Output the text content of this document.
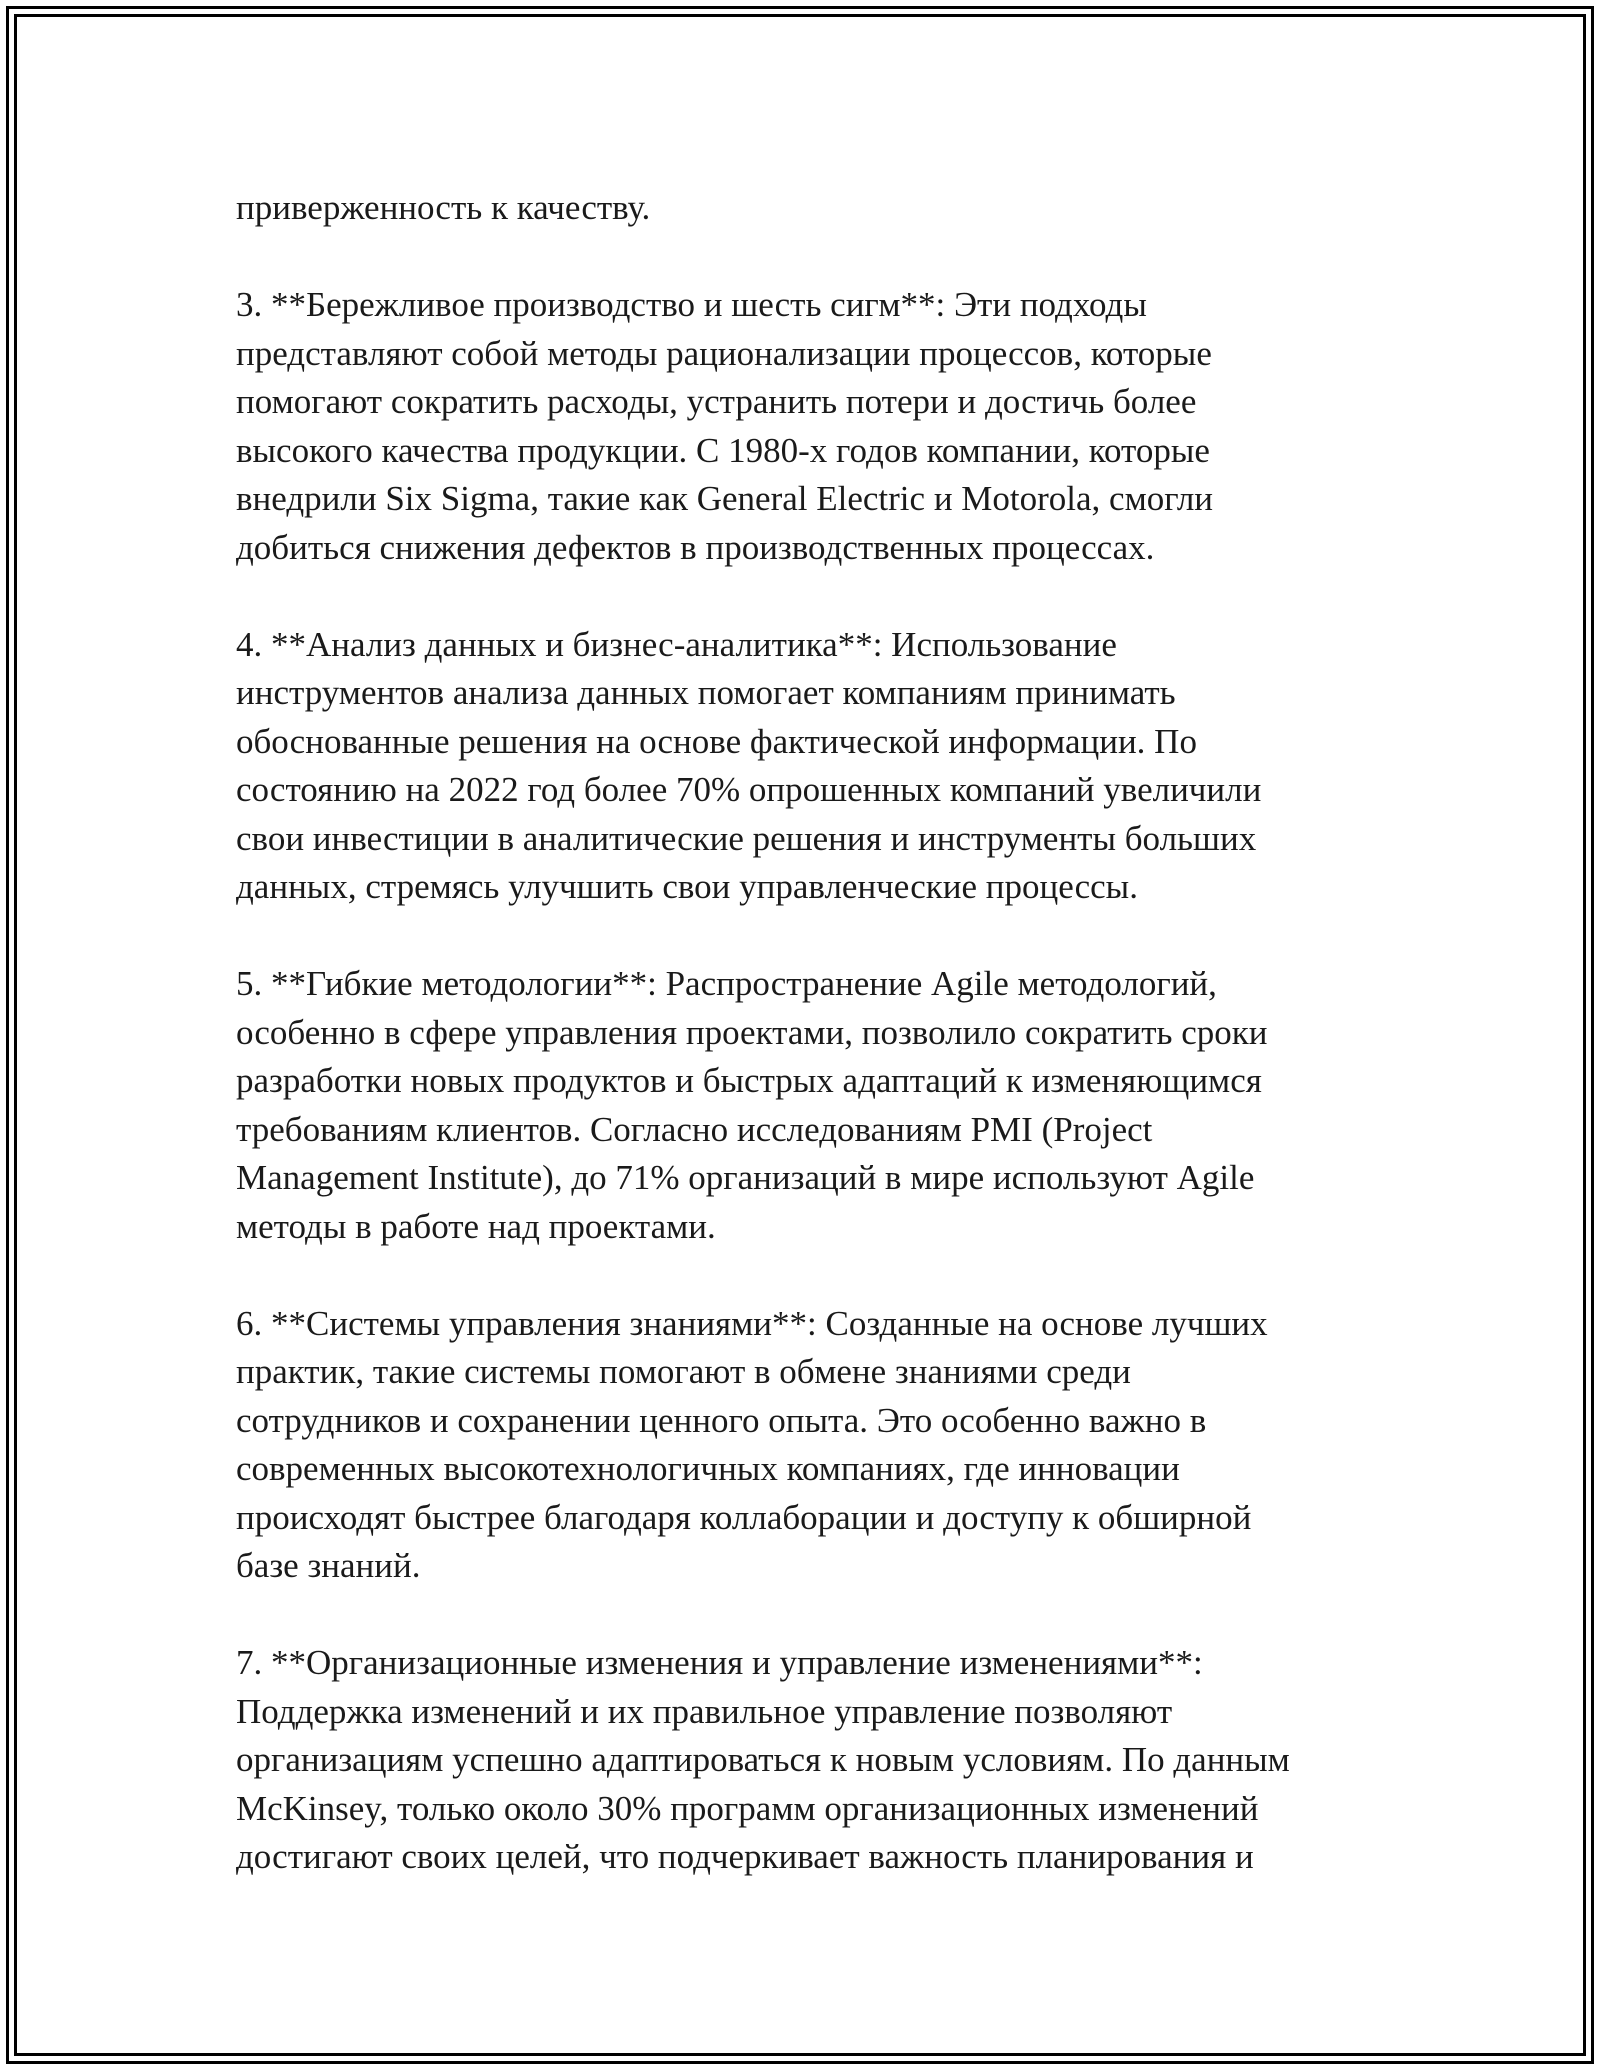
приверженность к качеству.

3. **Бережливое производство и шесть сигм**: Эти подходы

представляют собой методы рационализации процессов, которые

помогают сократить расходы, устранить потери и достичь более

высокого качества продукции. С 1980-х годов компании, которые

внедрили Six Sigma, такие как General Electric и Motorola, смогли

добиться снижения дефектов в производственных процессах.

4. **Анализ данных и бизнес-аналитика**: Использование

инструментов анализа данных помогает компаниям принимать

обоснованные решения на основе фактической информации. По

состоянию на 2022 год более 70% опрошенных компаний увеличили

свои инвестиции в аналитические решения и инструменты больших

данных, стремясь улучшить свои управленческие процессы.

5. **Гибкие методологии**: Распространение Agile методологий,

особенно в сфере управления проектами, позволило сократить сроки

разработки новых продуктов и быстрых адаптаций к изменяющимся

требованиям клиентов. Согласно исследованиям PMI (Project

Management Institute), до 71% организаций в мире используют Agile

методы в работе над проектами.

6. **Системы управления знаниями**: Созданные на основе лучших

практик, такие системы помогают в обмене знаниями среди

сотрудников и сохранении ценного опыта. Это особенно важно в

современных высокотехнологичных компаниях, где инновации

происходят быстрее благодаря коллаборации и доступу к обширной

базе знаний.

7. **Организационные изменения и управление изменениями**:

Поддержка изменений и их правильное управление позволяют

организациям успешно адаптироваться к новым условиям. По данным

McKinsey, только около 30% программ организационных изменений

достигают своих целей, что подчеркивает важность планирования и
